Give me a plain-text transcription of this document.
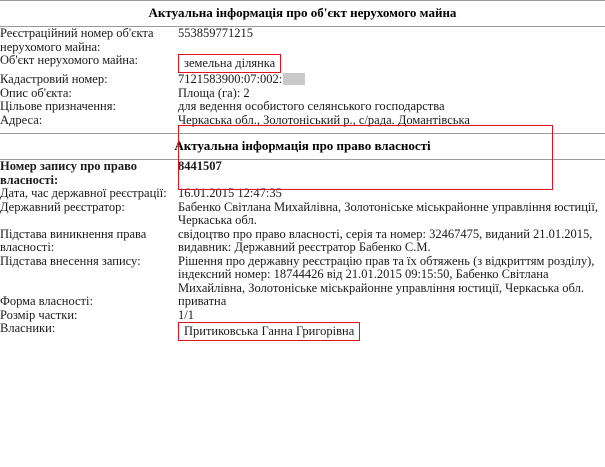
Актуальна інформація про об'єкт нерухомого майна
Реєстраційний номер об'єкта нерухомого майна:	553859771215
Об'єкт нерухомого майна:	земельна ділянка
Кадастровий номер:	7121583900:07:002:
Опис об'єкта:	Площа (га): 2
Цільове призначення:	для ведення особистого селянського господарства
Адреса:	Черкаська обл., Золотоніський р., с/рада. Домантівська
Актуальна інформація про право власності
Номер запису про право власності:	8441507
Дата, час державної реєстрації:	16.01.2015 12:47:35
Державний реєстратор:	Бабенко Світлана Михайлівна, Золотоніське міськрайонне управління юстиції, Черкаська обл.
Підстава виникнення права власності:	свідоцтво про право власності, серія та номер: 32467475, виданий 21.01.2015, видавник: Державний реєстратор Бабенко С.М.
Підстава внесення запису:	Рішення про державну реєстрацію прав та їх обтяжень (з відкриттям розділу), індексний номер: 18744426 від 21.01.2015 09:15:50, Бабенко Світлана Михайлівна, Золотоніське міськрайонне управління юстиції, Черкаська обл.
Форма власності:	приватна
Розмір частки:	1/1
Власники:	Притиковська Ганна Григорівна
